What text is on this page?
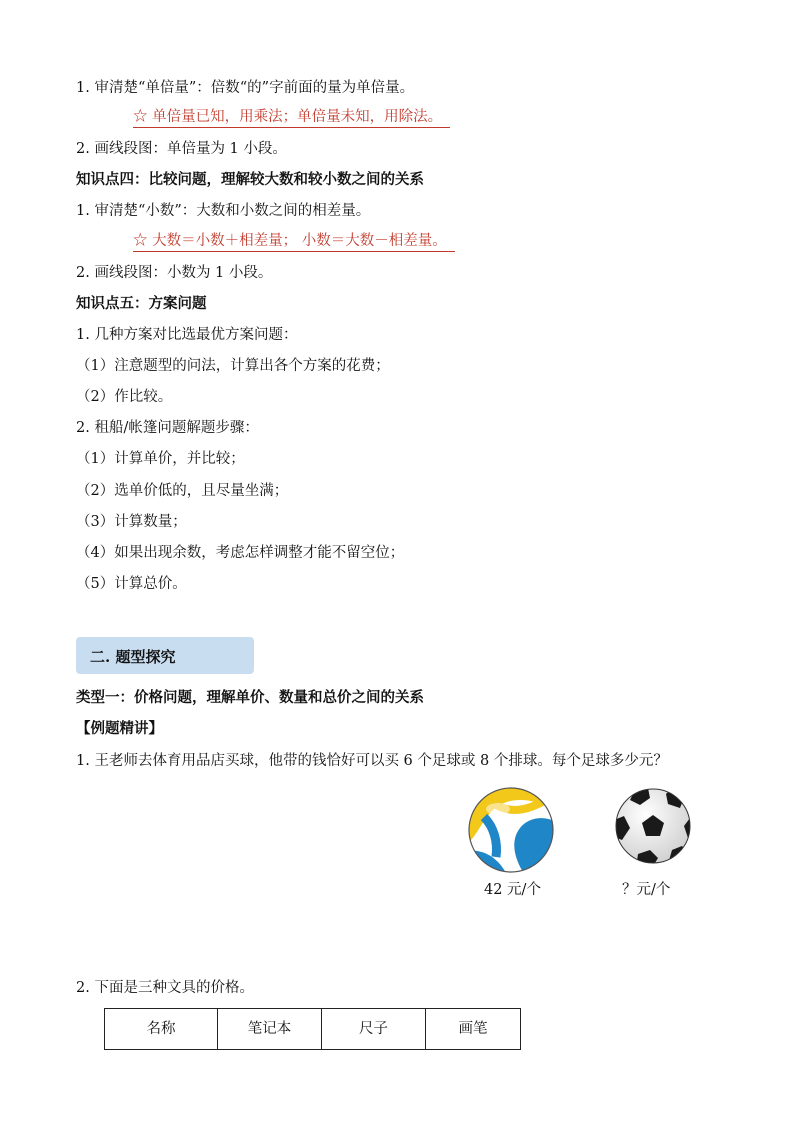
1. 审清楚“单倍量”：倍数“的”字前面的量为单倍量。
☆ 单倍量已知，用乘法；单倍量未知，用除法。
2. 画线段图：单倍量为 1 小段。
知识点四：比较问题，理解较大数和较小数之间的关系
1. 审清楚“小数”：大数和小数之间的相差量。
☆ 大数＝小数＋相差量； 小数＝大数－相差量。
2. 画线段图：小数为 1 小段。
知识点五：方案问题
1. 几种方案对比选最优方案问题：
（1）注意题型的问法，计算出各个方案的花费；
（2）作比较。
2. 租船/帐篷问题解题步骤：
（1）计算单价，并比较；
（2）选单价低的，且尽量坐满；
（3）计算数量；
（4）如果出现余数，考虑怎样调整才能不留空位；
（5）计算总价。
二. 题型探究
类型一：价格问题，理解单价、数量和总价之间的关系
【例题精讲】
1. 王老师去体育用品店买球，他带的钱恰好可以买 6 个足球或 8 个排球。每个足球多少元？
42 元/个	？元/个
2. 下面是三种文具的价格。
名称	笔记本	尺子	画笔
